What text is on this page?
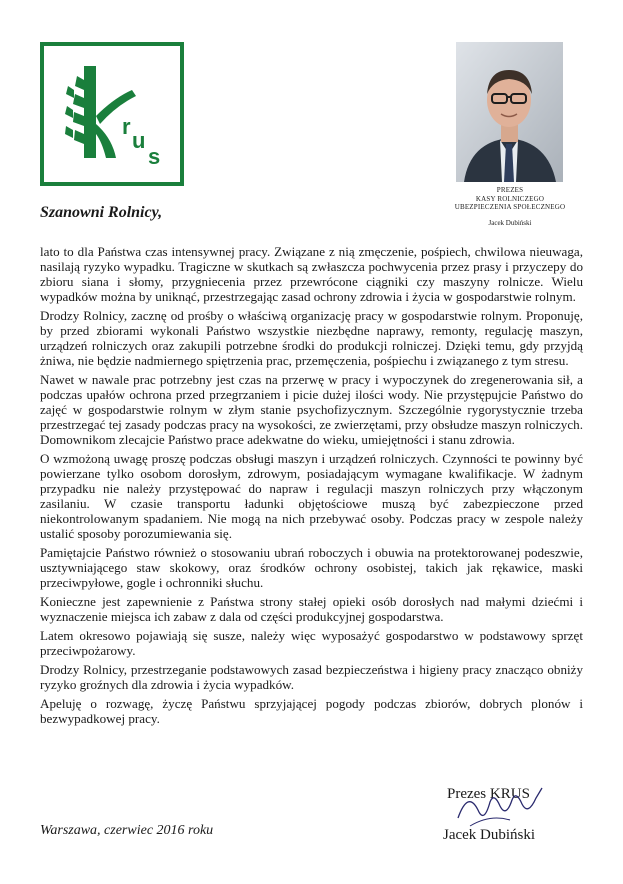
r
u
s
PREZES
KASY ROLNICZEGO
UBEZPIECZENIA SPOŁECZNEGO
Jacek Dubiński
Szanowni Rolnicy,

lato to dla Państwa czas intensywnej pracy. Związane z nią zmęczenie, pośpiech, chwilowa nieuwaga, nasilają ryzyko wypadku. Tragiczne w skutkach są zwłaszcza pochwycenia przez prasy i przyczepy do zbioru siana i słomy, przygniecenia przez przewrócone ciągniki czy maszyny rolnicze. Wielu wypadków można by uniknąć, przestrzegając zasad ochrony zdrowia i życia w gospodarstwie rolnym.

Drodzy Rolnicy, zacznę od prośby o właściwą organizację pracy w gospodarstwie rolnym. Proponuję, by przed zbiorami wykonali Państwo wszystkie niezbędne naprawy, remonty, regulację maszyn, urządzeń rolniczych oraz zakupili potrzebne środki do produkcji rolniczej. Dzięki temu, gdy przyjdą żniwa, nie będzie nadmiernego spiętrzenia prac, przemęczenia, pośpiechu i związanego z tym stresu.

Nawet w nawale prac potrzebny jest czas na przerwę w pracy i wypoczynek do zregenerowania sił, a podczas upałów ochrona przed przegrzaniem i picie dużej ilości wody. Nie przystępujcie Państwo do zajęć w gospodarstwie rolnym w złym stanie psychofizycznym. Szczególnie rygorystycznie trzeba przestrzegać tej zasady podczas pracy na wysokości, ze zwierzętami, przy obsłudze maszyn rolniczych. Domownikom zlecajcie Państwo prace adekwatne do wieku, umiejętności i stanu zdrowia.

O wzmożoną uwagę proszę podczas obsługi maszyn i urządzeń rolniczych. Czynności te powinny być powierzane tylko osobom dorosłym, zdrowym, posiadającym wymagane kwalifikacje. W żadnym przypadku nie należy przystępować do napraw i regulacji maszyn rolniczych przy włączonym zasilaniu. W czasie transportu ładunki objętościowe muszą być zabezpieczone przed niekontrolowanym spadaniem. Nie mogą na nich przebywać osoby. Podczas pracy w zespole należy ustalić sposoby porozumiewania się.

Pamiętajcie Państwo również o stosowaniu ubrań roboczych i obuwia na protektorowanej podeszwie, usztywniającego staw skokowy, oraz środków ochrony osobistej, takich jak rękawice, maski przeciwpyłowe, gogle i ochronniki słuchu.

Konieczne jest zapewnienie z Państwa strony stałej opieki osób dorosłych nad małymi dziećmi i wyznaczenie miejsca ich zabaw z dala od części produkcyjnej gospodarstwa.

Latem okresowo pojawiają się susze, należy więc wyposażyć gospodarstwo w podstawowy sprzęt przeciwpożarowy.

Drodzy Rolnicy, przestrzeganie podstawowych zasad bezpieczeństwa i higieny pracy znacząco obniży ryzyko groźnych dla zdrowia i życia wypadków.

Apeluję o rozwagę, życzę Państwu sprzyjającej pogody podczas zbiorów, dobrych plonów i bezwypadkowej pracy.

Prezes KRUS
Jacek Dubiński
Warszawa, czerwiec 2016 roku
